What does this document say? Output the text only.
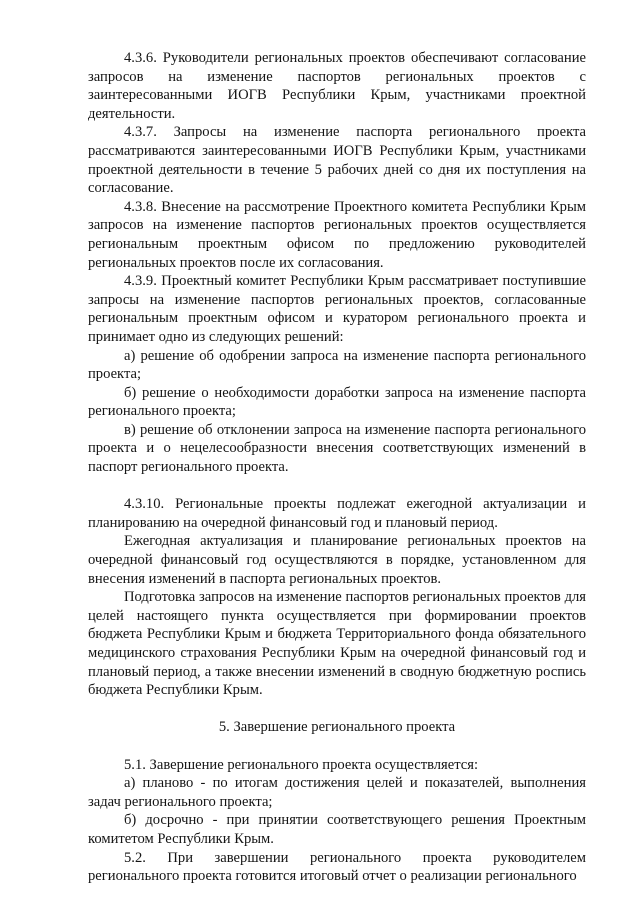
4.3.6. Руководители региональных проектов обеспечивают согласование запросов на изменение паспортов региональных проектов с заинтересованными ИОГВ Республики Крым, участниками проектной деятельности.

4.3.7. Запросы на изменение паспорта регионального проекта рассматриваются заинтересованными ИОГВ Республики Крым, участниками проектной деятельности в течение 5 рабочих дней со дня их поступления на согласование.

4.3.8. Внесение на рассмотрение Проектного комитета Республики Крым запросов на изменение паспортов региональных проектов осуществляется региональным проектным офисом по предложению руководителей региональных проектов после их согласования.

4.3.9. Проектный комитет Республики Крым рассматривает поступившие запросы на изменение паспортов региональных проектов, согласованные региональным проектным офисом и куратором регионального проекта и принимает одно из следующих решений:

а) решение об одобрении запроса на изменение паспорта регионального проекта;

б) решение о необходимости доработки запроса на изменение паспорта регионального проекта;

в) решение об отклонении запроса на изменение паспорта регионального проекта и о нецелесообразности внесения соответствующих изменений в паспорт регионального проекта.

4.3.10. Региональные проекты подлежат ежегодной актуализации и планированию на очередной финансовый год и плановый период.

Ежегодная актуализация и планирование региональных проектов на очередной финансовый год осуществляются в порядке, установленном для внесения изменений в паспорта региональных проектов.

Подготовка запросов на изменение паспортов региональных проектов для целей настоящего пункта осуществляется при формировании проектов бюджета Республики Крым и бюджета Территориального фонда обязательного медицинского страхования Республики Крым на очередной финансовый год и плановый период, а также внесении изменений в сводную бюджетную роспись бюджета Республики Крым.

5. Завершение регионального проекта

5.1. Завершение регионального проекта осуществляется:

а) планово - по итогам достижения целей и показателей, выполнения задач регионального проекта;

б) досрочно - при принятии соответствующего решения Проектным комитетом Республики Крым.

5.2. При завершении регионального проекта руководителем регионального проекта готовится итоговый отчет о реализации регионального
